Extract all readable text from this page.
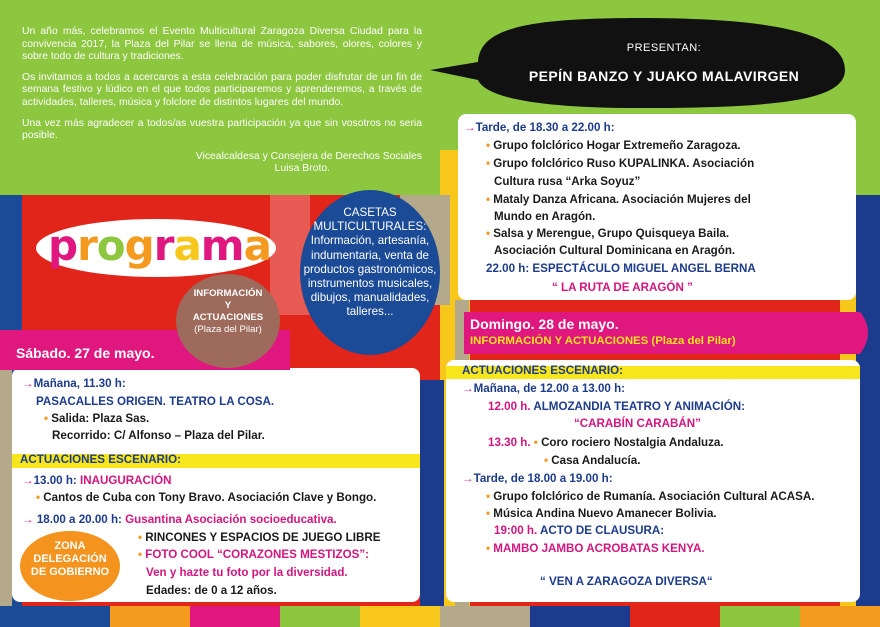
Un año más, celebramos el Evento Multicultural Zaragoza Diversa Ciudad para la convivencia 2017, la Plaza del Pilar se llena de música, sabores, olores, colores y sobre todo de cultura y tradiciones.

Os invitamos a todos a acercaros a esta celebración para poder disfrutar de un fin de semana festivo y lúdico en el que todos participaremos y aprenderemos, a través de actividades, talleres, música y folclore de distintos lugares del mundo.

Una vez más agradecer a todos/as vuestra participación ya que sin vosotros no seria posible.

Vicealcaldesa y Consejera de Derechos Sociales
Luisa Broto.
PRESENTAN:
PEPÍN BANZO Y JUAKO MALAVIRGEN
programa
INFORMACIÓN
Y
ACTUACIONES
(Plaza del Pilar)
CASETAS
MULTICULTURALES:
Información, artesanía,
indumentaria, venta de
productos gastronómicos,
instrumentos musicales,
dibujos, manualidades,
talleres...
Sábado. 27 de mayo.
→Mañana, 11.30 h:
PASACALLES ORIGEN. TEATRO LA COSA.
• Salida: Plaza Sas.
Recorrido: C/ Alfonso – Plaza del Pilar.
ACTUACIONES ESCENARIO:
→13.00 h: INAUGURACIÓN
• Cantos de Cuba con Tony Bravo. Asociación Clave y Bongo.
→ 18.00 a 20.00 h: Gusantina Asociación socioeducativa.
• RINCONES Y ESPACIOS DE JUEGO LIBRE
• FOTO COOL “CORAZONES MESTIZOS”:
Ven y hazte tu foto por la diversidad.
Edades: de 0 a 12 años.
ZONA
DELEGACIÓN
DE GOBIERNO
→Tarde, de 18.30 a 22.00 h:
• Grupo folclórico Hogar Extremeño Zaragoza.
• Grupo folclórico Ruso KUPALINKA. Asociación
Cultura rusa “Arka Soyuz”
• Mataly Danza Africana. Asociación Mujeres del
Mundo en Aragón.
• Salsa y Merengue, Grupo Quisqueya Baila.
Asociación Cultural Dominicana en Aragón.
22.00 h: ESPECTÁCULO MIGUEL ANGEL BERNA
“ LA RUTA DE ARAGÓN ”
Domingo. 28 de mayo.
INFORMACIÓN Y ACTUACIONES (Plaza del Pilar)
ACTUACIONES ESCENARIO:
→Mañana, de 12.00 a 13.00 h:
12.00 h. ALMOZANDIA TEATRO Y ANIMACIÓN:
“CARABÍN CARABÁN”
13.30 h. • Coro rociero Nostalgia Andaluza.
• Casa Andalucía.
→Tarde, de 18.00 a 19.00 h:
• Grupo folclórico de Rumanía. Asociación Cultural ACASA.
• Música Andina Nuevo Amanecer Bolivia.
19:00 h. ACTO DE CLAUSURA:
• MAMBO JAMBO ACROBATAS KENYA.
“ VEN A ZARAGOZA DIVERSA“
